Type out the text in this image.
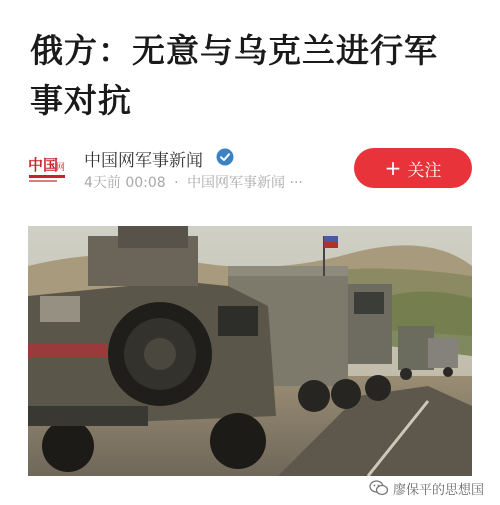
俄方：无意与乌克兰进行军事对抗
中国
网 中国网军事新闻
4天前 00:08 · 中国网军事新闻 ···
+ 关注
廖保平的思想国
